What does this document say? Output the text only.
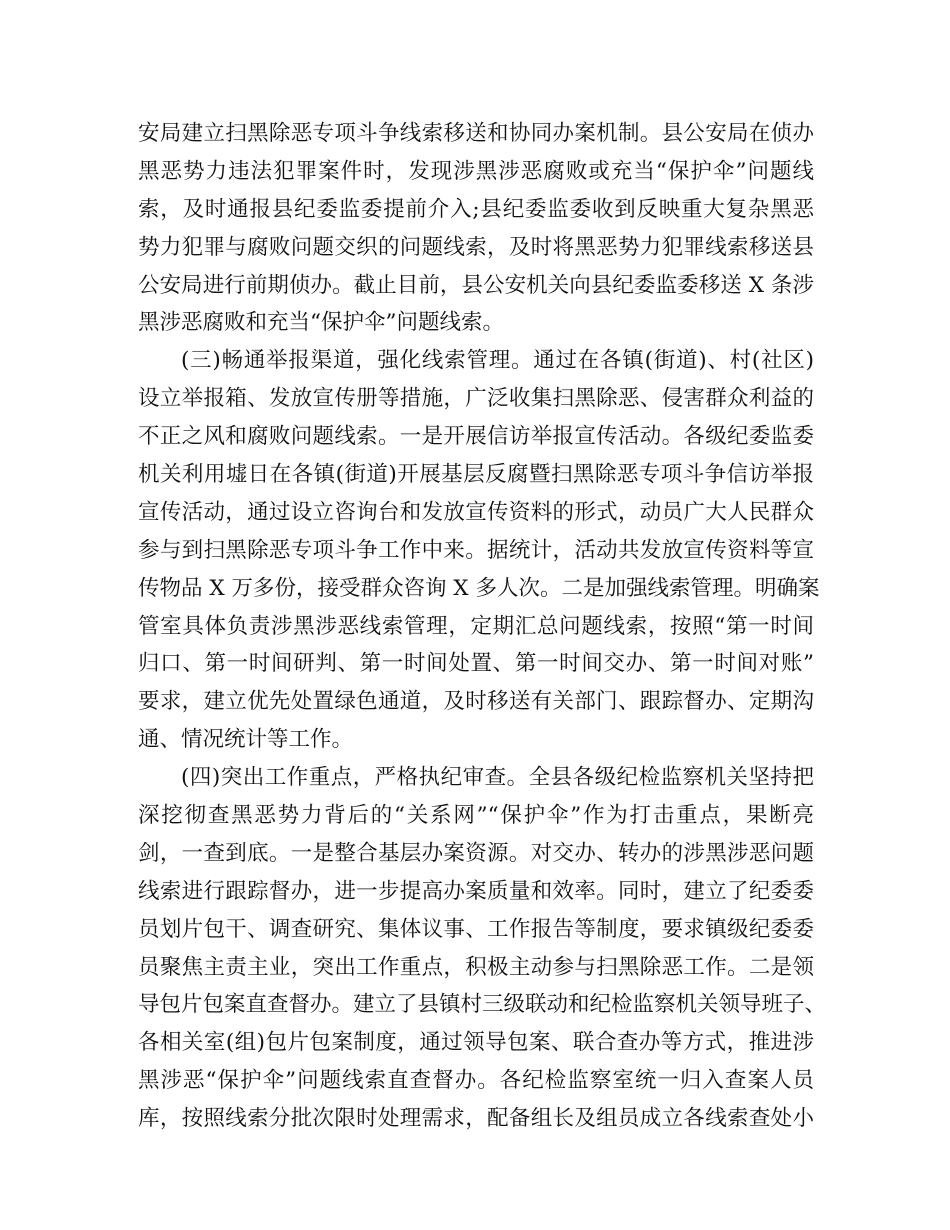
安局建立扫黑除恶专项斗争线索移送和协同办案机制。县公安局在侦办
黑恶势力违法犯罪案件时，发现涉黑涉恶腐败或充当“保护伞”问题线
索，及时通报县纪委监委提前介入;县纪委监委收到反映重大复杂黑恶
势力犯罪与腐败问题交织的问题线索，及时将黑恶势力犯罪线索移送县
公安局进行前期侦办。截止目前，县公安机关向县纪委监委移送 X 条涉
黑涉恶腐败和充当“保护伞”问题线索。
(三)畅通举报渠道，强化线索管理。通过在各镇(街道)、村(社区)
设立举报箱、发放宣传册等措施，广泛收集扫黑除恶、侵害群众利益的
不正之风和腐败问题线索。一是开展信访举报宣传活动。各级纪委监委
机关利用墟日在各镇(街道)开展基层反腐暨扫黑除恶专项斗争信访举报
宣传活动，通过设立咨询台和发放宣传资料的形式，动员广大人民群众
参与到扫黑除恶专项斗争工作中来。据统计，活动共发放宣传资料等宣
传物品 X 万多份，接受群众咨询 X 多人次。二是加强线索管理。明确案
管室具体负责涉黑涉恶线索管理，定期汇总问题线索，按照“第一时间
归口、第一时间研判、第一时间处置、第一时间交办、第一时间对账”
要求，建立优先处置绿色通道，及时移送有关部门、跟踪督办、定期沟
通、情况统计等工作。
(四)突出工作重点，严格执纪审查。全县各级纪检监察机关坚持把
深挖彻查黑恶势力背后的“关系网”“保护伞”作为打击重点，果断亮
剑，一查到底。一是整合基层办案资源。对交办、转办的涉黑涉恶问题
线索进行跟踪督办，进一步提高办案质量和效率。同时，建立了纪委委
员划片包干、调查研究、集体议事、工作报告等制度，要求镇级纪委委
员聚焦主责主业，突出工作重点，积极主动参与扫黑除恶工作。二是领
导包片包案直查督办。建立了县镇村三级联动和纪检监察机关领导班子、
各相关室(组)包片包案制度，通过领导包案、联合查办等方式，推进涉
黑涉恶“保护伞”问题线索直查督办。各纪检监察室统一归入查案人员
库，按照线索分批次限时处理需求，配备组长及组员成立各线索查处小
